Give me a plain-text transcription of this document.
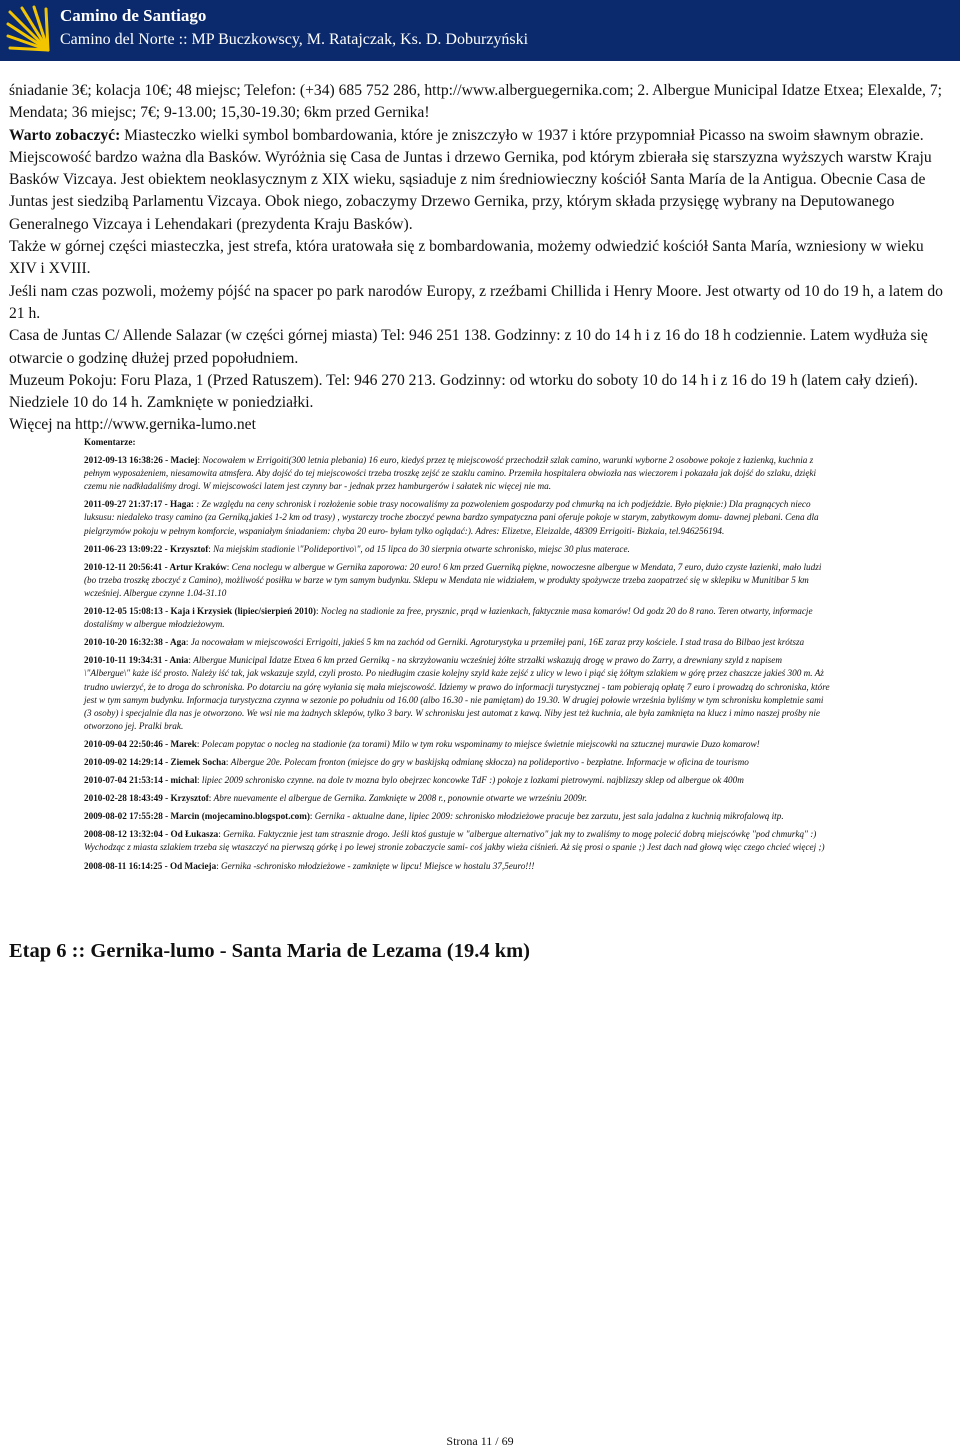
Camino de Santiago
Camino del Norte :: MP Buczkowscy, M. Ratajczak, Ks. D. Doburzyński

śniadanie 3€; kolacja 10€; 48 miejsc; Telefon: (+34) 685 752 286, http://www.alberguegernika.com; 2. Albergue Municipal Idatze Etxea; Elexalde, 7; Mendata; 36 miejsc; 7€; 9-13.00; 15,30-19.30; 6km przed Gernika!

Warto zobaczyć: Miasteczko wielki symbol bombardowania, które je zniszczyło w 1937 i które przypomniał Picasso na swoim sławnym obrazie. Miejscowość bardzo ważna dla Basków. Wyróżnia się Casa de Juntas i drzewo Gernika, pod którym zbierała się starszyzna wyższych warstw Kraju Basków Vizcaya. Jest obiektem neoklasycznym z XIX wieku, sąsiaduje z nim średniowieczny kościół Santa María de la Antigua. Obecnie Casa de Juntas jest siedzibą Parlamentu Vizcaya. Obok niego, zobaczymy Drzewo Gernika, przy, którym składa przysięgę wybrany na Deputowanego Generalnego Vizcaya i Lehendakari (prezydenta Kraju Basków).

Także w górnej części miasteczka, jest strefa, która uratowała się z bombardowania, możemy odwiedzić kościół Santa María, wzniesiony w wieku XIV i XVIII.

Jeśli nam czas pozwoli, możemy pójść na spacer po park narodów Europy, z rzeźbami Chillida i Henry Moore. Jest otwarty od 10 do 19 h, a latem do 21 h.

Casa de Juntas C/ Allende Salazar (w części górnej miasta) Tel: 946 251 138. Godzinny: z 10 do 14 h i z 16 do 18 h codziennie. Latem wydłuża się otwarcie o godzinę dłużej przed popołudniem.

Muzeum Pokoju: Foru Plaza, 1 (Przed Ratuszem). Tel: 946 270 213. Godzinny: od wtorku do soboty 10 do 14 h i z 16 do 19 h (latem cały dzień). Niedziele 10 do 14 h. Zamknięte w poniedziałki.

Więcej na http://www.gernika-lumo.net

Komentarze:
2012-09-13 16:38:26 - Maciej: Nocowałem w Errigoiti(300 letnia plebania) 16 euro, kiedyś przez tę miejscowość przechodził szlak camino, warunki wyborne 2 osobowe pokoje z łazienką, kuchnia z pełnym wyposażeniem, niesamowita atmsfera. Aby dojść do tej miejscowości trzeba troszkę zejść ze szaklu camino. Przemiła hospitalera obwiozła nas wieczorem i pokazała jak dojść do szlaku, dzięki czemu nie nadkładaliśmy drogi. W miejscowości latem jest czynny bar - jednak przez hamburgerów i sałatek nic więcej nie ma.
2011-09-27 21:37:17 - Haga: : Ze względu na ceny schronisk i rozłożenie sobie trasy nocowaliśmy za pozwoleniem gospodarzy pod chmurką na ich podjeździe. Było pięknie:) Dla pragnących nieco luksusu: niedaleko trasy camino (za Gerniką,jakieś 1-2 km od trasy) , wystarczy troche zboczyć pewna bardzo sympatyczna pani oferuje pokoje w starym, zabytkowym domu- dawnej plebani. Cena dla pielgrzymów pokoju w pełnym komforcie, wspaniałym śniadaniem: chyba 20 euro- byłam tylko oglądać:). Adres: Elizetxe, Eleizalde, 48309 Errigoiti- Bizkaia, tel.946256194.
2011-06-23 13:09:22 - Krzysztof: Na miejskim stadionie \"Polideportivo\", od 15 lipca do 30 sierpnia otwarte schronisko, miejsc 30 plus materace.
2010-12-11 20:56:41 - Artur Kraków: Cena noclegu w albergue w Gernika zaporowa: 20 euro! 6 km przed Guerniką piękne, nowoczesne albergue w Mendata, 7 euro, dużo czyste łazienki, mało ludzi (bo trzeba troszkę zboczyć z Camino), możliwość posiłku w barze w tym samym budynku. Sklepu w Mendata nie widziałem, w produkty spożywcze trzeba zaopatrzeć się w sklepiku w Munitibar 5 km wcześniej. Albergue czynne 1.04-31.10
2010-12-05 15:08:13 - Kaja i Krzysiek (lipiec/sierpień 2010): Nocleg na stadionie za free, prysznic, prąd w łazienkach, faktycznie masa komarów! Od godz 20 do 8 rano. Teren otwarty, informacje dostaliśmy w albergue młodzieżowym.
2010-10-20 16:32:38 - Aga: Ja nocowałam w miejscowości Errigoiti, jakieś 5 km na zachód od Gerniki. Agroturystyka u przemiłej pani, 16E zaraz przy kościele. I stad trasa do Bilbao jest krótsza
2010-10-11 19:34:31 - Ania: Albergue Municipal Idatze Etxea 6 km przed Gerniką - na skrzyżowaniu wcześniej żółte strzałki wskazują drogę w prawo do Zarry, a drewniany szyld z napisem \"Albergue\" każe iść prosto. Należy iść tak, jak wskazuje szyld, czyli prosto. Po niedługim czasie kolejny szyld każe zejść z ulicy w lewo i piąć się żółtym szlakiem w górę przez chaszcze jakieś 300 m. Aż trudno uwierzyć, że to droga do schroniska. Po dotarciu na górę wyłania się mała miejscowość. Idziemy w prawo do informacji turystycznej - tam pobierają opłatę 7 euro i prowadzą do schroniska, które jest w tym samym budynku. Informacja turystyczna czynna w sezonie po południu od 16.00 (albo 16.30 - nie pamiętam) do 19.30. W drugiej połowie września byliśmy w tym schronisku kompletnie sami (3 osoby) i specjalnie dla nas je otworzono. We wsi nie ma żadnych sklepów, tylko 3 bary. W schronisku jest automat z kawą. Niby jest też kuchnia, ale była zamknięta na klucz i mimo naszej prośby nie otworzono jej. Pralki brak.
2010-09-04 22:50:46 - Marek: Polecam popytac o nocleg na stadionie (za torami) Milo w tym roku wspominamy to miejsce świetnie miejscowki na sztucznej murawie Duzo komarow!
2010-09-02 14:29:14 - Ziemek Socha: Albergue 20e. Polecam fronton (miejsce do gry w baskijską odmianę skłocza) na polideportivo - bezpłatne. Informacje w oficina de tourismo
2010-07-04 21:53:14 - michal: lipiec 2009 schronisko czynne. na dole tv mozna bylo obejrzec koncowke TdF :) pokoje z lozkami pietrowymi. najblizszy sklep od albergue ok 400m
2010-02-28 18:43:49 - Krzysztof: Abre nuevamente el albergue de Gernika. Zamknięte w 2008 r., ponownie otwarte we wrześniu 2009r.
2009-08-02 17:55:28 - Marcin (mojecamino.blogspot.com): Gernika - aktualne dane, lipiec 2009: schronisko młodzieżowe pracuje bez zarzutu, jest sala jadalna z kuchnią mikrofalową itp.
2008-08-12 13:32:04 - Od Łukasza: Gernika. Faktycznie jest tam strasznie drogo. Jeśli ktoś gustuje w "albergue alternativo" jak my to zwaliśmy to mogę polecić dobrą miejscówkę "pod chmurką" :) Wychodząc z miasta szlakiem trzeba się wtaszczyć na pierwszą górkę i po lewej stronie zobaczycie sami- coś jakby wieża ciśnień. Aż się prosi o spanie ;) Jest dach nad głową więc czego chcieć więcej ;)
2008-08-11 16:14:25 - Od Macieja: Gernika -schronisko młodzieżowe - zamknięte w lipcu! Miejsce w hostalu 37,5euro!!!
Etap 6 :: Gernika-lumo - Santa Maria de Lezama (19.4 km)
Strona 11 / 69
